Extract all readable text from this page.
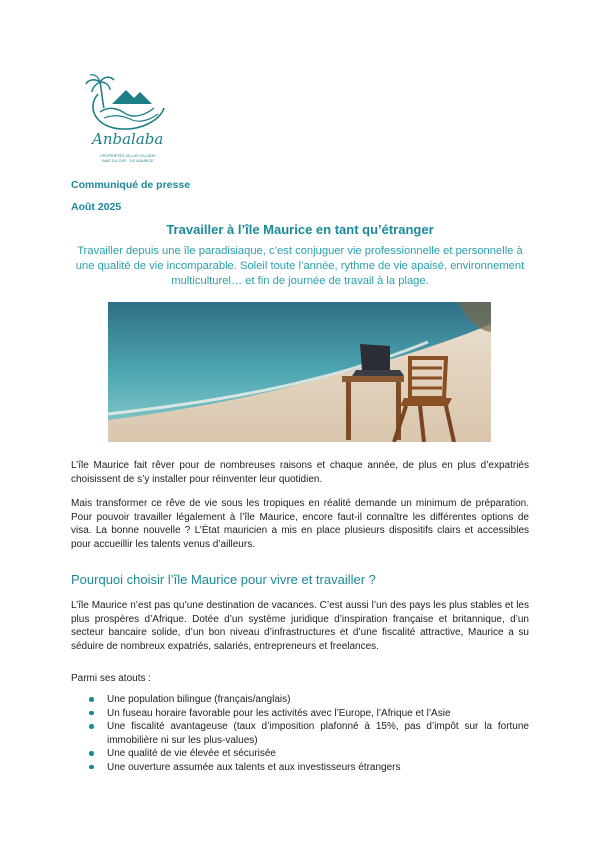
Anbalaba
PROPRIÉTÉS-VILLAS-VILLAGE
BAIE DU CAP - ÎLE MAURICE
Communiqué de presse
Août 2025
Travailler à l’île Maurice en tant qu’étranger
Travailler depuis une île paradisiaque, c’est conjuguer vie professionnelle et personnelle à une qualité de vie incomparable. Soleil toute l’année, rythme de vie apaisé, environnement multiculturel… et fin de journée de travail à la plage.

L’île Maurice fait rêver pour de nombreuses raisons et chaque année, de plus en plus d’expatriés choisissent de s’y installer pour réinventer leur quotidien.

Mais transformer ce rêve de vie sous les tropiques en réalité demande un minimum de préparation. Pour pouvoir travailler légalement à l’île Maurice, encore faut-il connaître les différentes options de visa. La bonne nouvelle ? L’État mauricien a mis en place plusieurs dispositifs clairs et accessibles pour accueillir les talents venus d’ailleurs.

Pourquoi choisir l’île Maurice pour vivre et travailler ?

L’île Maurice n’est pas qu’une destination de vacances. C’est aussi l’un des pays les plus stables et les plus prospères d’Afrique. Dotée d’un système juridique d’inspiration française et britannique, d’un secteur bancaire solide, d’un bon niveau d’infrastructures et d’une fiscalité attractive, Maurice a su séduire de nombreux expatriés, salariés, entrepreneurs et freelances.

Parmi ses atouts :

Une population bilingue (français/anglais)
Un fuseau horaire favorable pour les activités avec l’Europe, l’Afrique et l’Asie
Une fiscalité avantageuse (taux d’imposition plafonné à 15%, pas d’impôt sur la fortune immobilière ni sur les plus-values)
Une qualité de vie élevée et sécurisée
Une ouverture assumée aux talents et aux investisseurs étrangers
